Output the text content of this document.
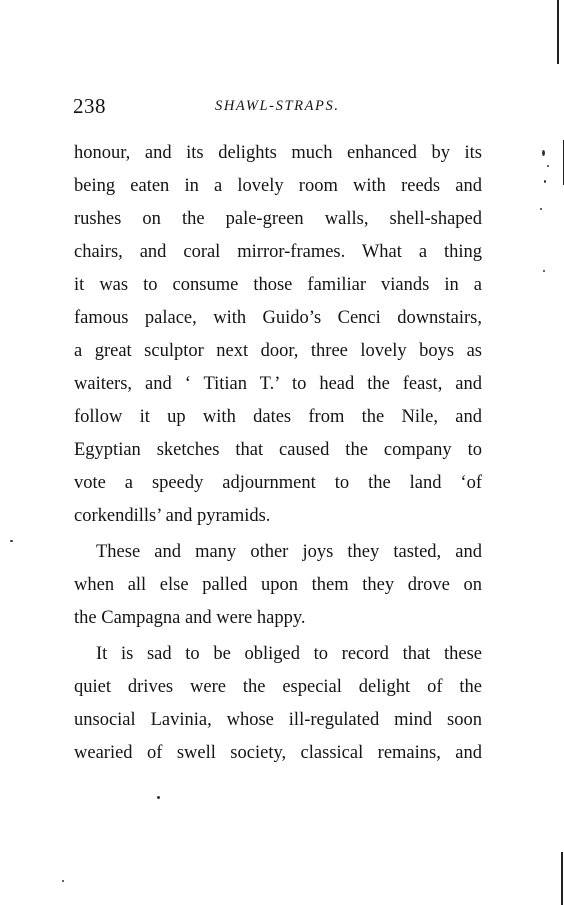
238	SHAWL-STRAPS.
honour, and its delights much enhanced by its
being eaten in a lovely room with reeds and
rushes on the pale-green walls, shell-shaped
chairs, and coral mirror-frames. What a thing
it was to consume those familiar viands in a
famous palace, with Guido’s Cenci downstairs,
a great sculptor next door, three lovely boys as
waiters, and ‘ Titian T.’ to head the feast, and
follow it up with dates from the Nile, and
Egyptian sketches that caused the company to
vote a speedy adjournment to the land ‘of
corkendills’ and pyramids.
These and many other joys they tasted, and
when all else palled upon them they drove on
the Campagna and were happy.
It is sad to be obliged to record that these
quiet drives were the especial delight of the
unsocial Lavinia, whose ill-regulated mind soon
wearied of swell society, classical remains, and
